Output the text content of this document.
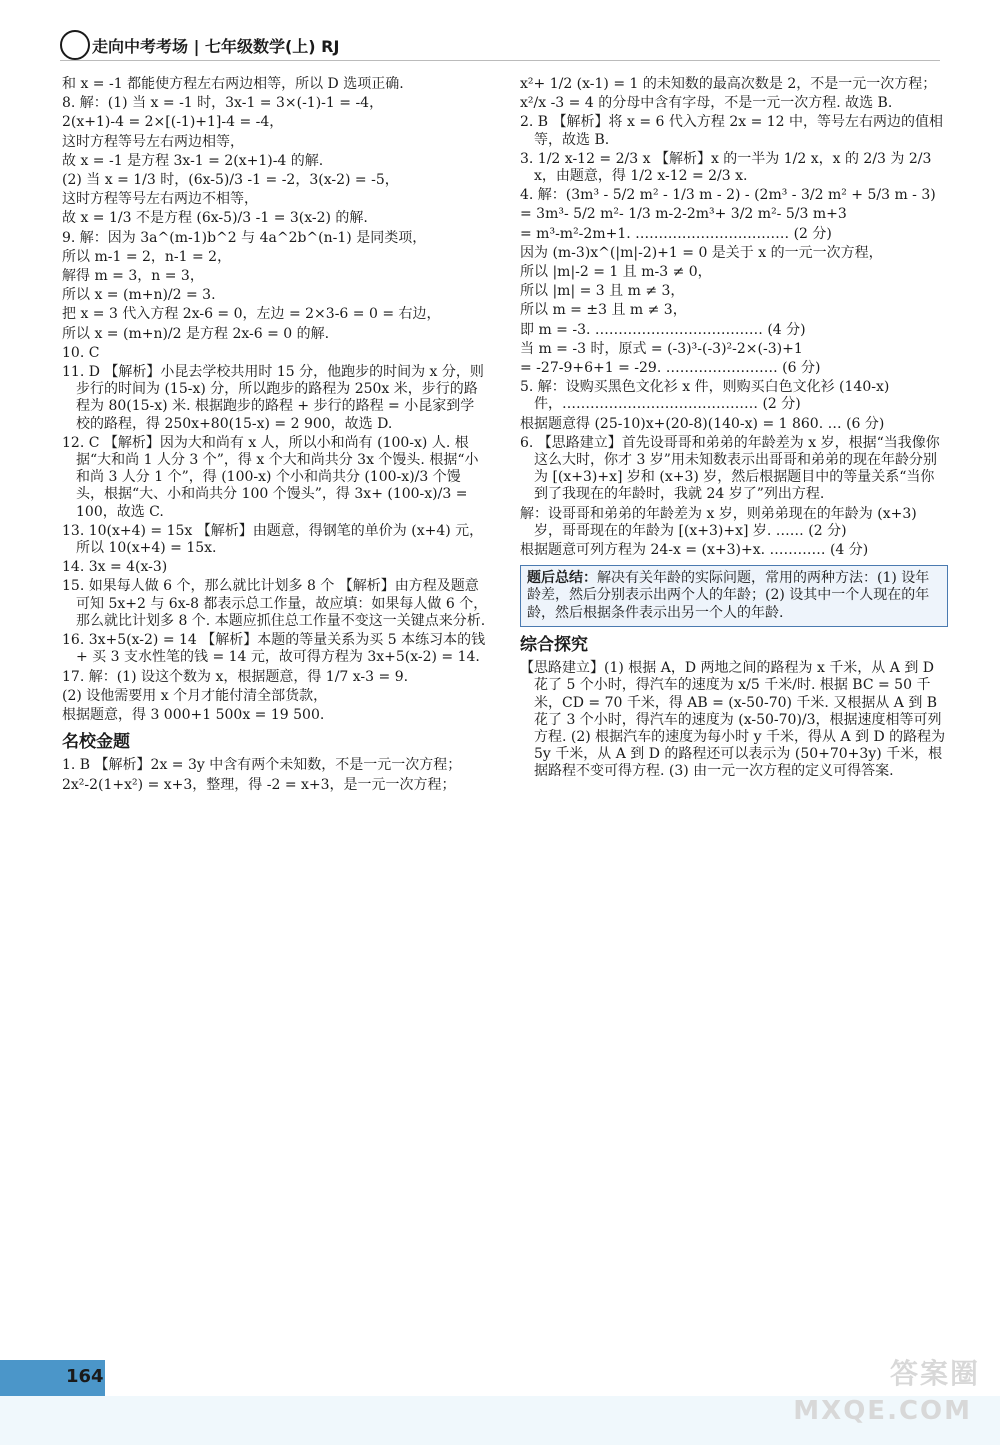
走向中考考场 | 七年级数学(上) RJ
和 x = -1 都能使方程左右两边相等，所以 D 选项正确.
8. 解：(1) 当 x = -1 时，3x-1 = 3×(-1)-1 = -4，
2(x+1)-4 = 2×[(-1)+1]-4 = -4，
这时方程等号左右两边相等，
故 x = -1 是方程 3x-1 = 2(x+1)-4 的解.
(2) 当 x = 1/3 时，(6x-5)/3 -1 = -2，3(x-2) = -5，
这时方程等号左右两边不相等，
故 x = 1/3 不是方程 (6x-5)/3 -1 = 3(x-2) 的解.
9. 解：因为 3a^(m-1)b^2 与 4a^2b^(n-1) 是同类项，
所以 m-1 = 2，n-1 = 2，
解得 m = 3，n = 3，
所以 x = (m+n)/2 = 3.
把 x = 3 代入方程 2x-6 = 0，左边 = 2×3-6 = 0 = 右边，
所以 x = (m+n)/2 是方程 2x-6 = 0 的解.
10. C
11. D 【解析】小昆去学校共用时 15 分，他跑步的时间为 x 分，则步行的时间为 (15-x) 分，所以跑步的路程为 250x 米，步行的路程为 80(15-x) 米. 根据跑步的路程 + 步行的路程 = 小昆家到学校的路程，得 250x+80(15-x) = 2 900，故选 D.
12. C 【解析】因为大和尚有 x 人，所以小和尚有 (100-x) 人. 根据“大和尚 1 人分 3 个”，得 x 个大和尚共分 3x 个馒头. 根据“小和尚 3 人分 1 个”，得 (100-x) 个小和尚共分 (100-x)/3 个馒头，根据“大、小和尚共分 100 个馒头”，得 3x+ (100-x)/3 = 100，故选 C.
13. 10(x+4) = 15x 【解析】由题意，得钢笔的单价为 (x+4) 元，所以 10(x+4) = 15x.
14. 3x = 4(x-3)
15. 如果每人做 6 个，那么就比计划多 8 个 【解析】由方程及题意可知 5x+2 与 6x-8 都表示总工作量，故应填：如果每人做 6 个，那么就比计划多 8 个. 本题应抓住总工作量不变这一关键点来分析.
16. 3x+5(x-2) = 14 【解析】本题的等量关系为买 5 本练习本的钱 + 买 3 支水性笔的钱 = 14 元，故可得方程为 3x+5(x-2) = 14.
17. 解：(1) 设这个数为 x，根据题意，得 1/7 x-3 = 9.
(2) 设他需要用 x 个月才能付清全部货款，
根据题意，得 3 000+1 500x = 19 500.
名校金题
1. B 【解析】2x = 3y 中含有两个未知数，不是一元一次方程；
2x²-2(1+x²) = x+3，整理，得 -2 = x+3，是一元一次方程；
x²+ 1/2 (x-1) = 1 的未知数的最高次数是 2，不是一元一次方程；
x²/x -3 = 4 的分母中含有字母，不是一元一次方程. 故选 B.
2. B 【解析】将 x = 6 代入方程 2x = 12 中，等号左右两边的值相等，故选 B.
3. 1/2 x-12 = 2/3 x 【解析】x 的一半为 1/2 x，x 的 2/3 为 2/3 x，由题意，得 1/2 x-12 = 2/3 x.
4. 解：(3m³ - 5/2 m² - 1/3 m - 2) - (2m³ - 3/2 m² + 5/3 m - 3)
= 3m³- 5/2 m²- 1/3 m-2-2m³+ 3/2 m²- 5/3 m+3
= m³-m²-2m+1. …………………………… (2 分)
因为 (m-3)x^(|m|-2)+1 = 0 是关于 x 的一元一次方程，
所以 |m|-2 = 1 且 m-3 ≠ 0，
所以 |m| = 3 且 m ≠ 3，
所以 m = ±3 且 m ≠ 3，
即 m = -3. ……………………………… (4 分)
当 m = -3 时，原式 = (-3)³-(-3)²-2×(-3)+1
= -27-9+6+1 = -29. …………………… (6 分)
5. 解：设购买黑色文化衫 x 件，则购买白色文化衫 (140-x) 件，…………………………………… (2 分)
根据题意得 (25-10)x+(20-8)(140-x) = 1 860. … (6 分)
6. 【思路建立】首先设哥哥和弟弟的年龄差为 x 岁，根据“当我像你这么大时，你才 3 岁”用未知数表示出哥哥和弟弟的现在年龄分别为 [(x+3)+x] 岁和 (x+3) 岁，然后根据题目中的等量关系“当你到了我现在的年龄时，我就 24 岁了”列出方程.
解：设哥哥和弟弟的年龄差为 x 岁，则弟弟现在的年龄为 (x+3) 岁，哥哥现在的年龄为 [(x+3)+x] 岁. …… (2 分)
根据题意可列方程为 24-x = (x+3)+x. ………… (4 分)
题后总结：解决有关年龄的实际问题，常用的两种方法：(1) 设年龄差，然后分别表示出两个人的年龄；(2) 设其中一个人现在的年龄，然后根据条件表示出另一个人的年龄.
综合探究
【思路建立】(1) 根据 A，D 两地之间的路程为 x 千米，从 A 到 D 花了 5 个小时，得汽车的速度为 x/5 千米/时. 根据 BC = 50 千米，CD = 70 千米，得 AB = (x-50-70) 千米. 又根据从 A 到 B 花了 3 个小时，得汽车的速度为 (x-50-70)/3，根据速度相等可列方程. (2) 根据汽车的速度为每小时 y 千米，得从 A 到 D 的路程为 5y 千米，从 A 到 D 的路程还可以表示为 (50+70+3y) 千米，根据路程不变可得方程. (3) 由一元一次方程的定义可得答案.
164	答案圈
MXQE.COM
